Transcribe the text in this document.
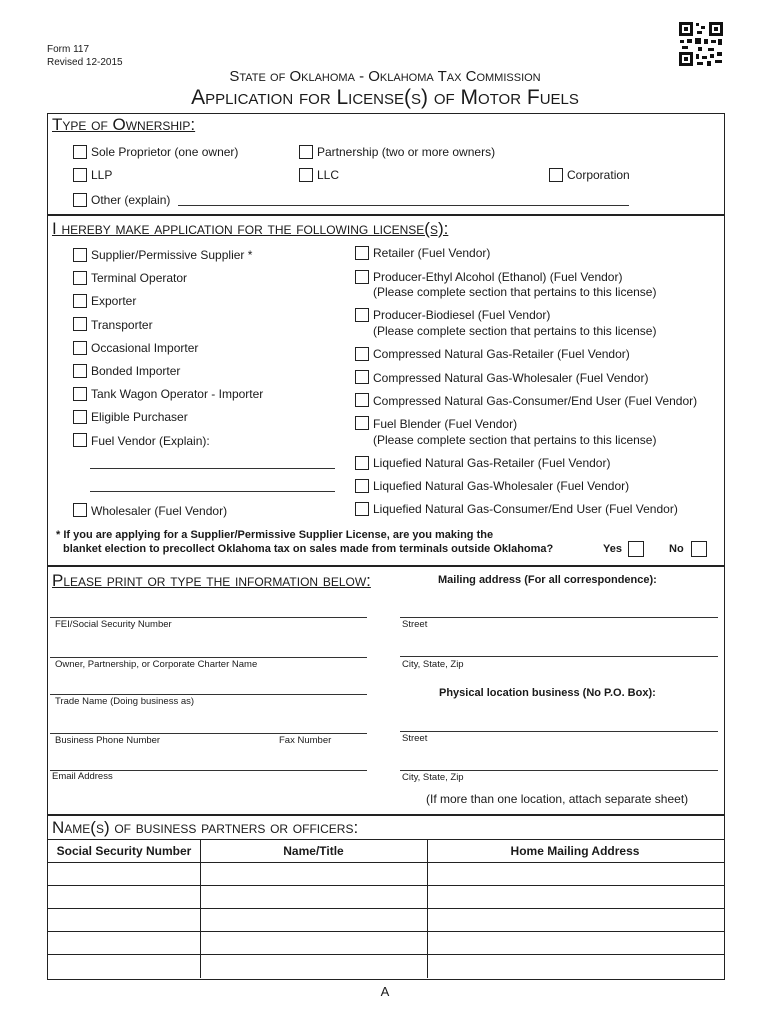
Form 117
Revised 12-2015
State of Oklahoma - Oklahoma Tax Commission
Application for License(s) of Motor Fuels
Type of Ownership:
Sole Proprietor (one owner)	Partnership (two or more owners)
LLP	LLC	Corporation
Other (explain)
I hereby make application for the following license(s):
Supplier/Permissive Supplier *
Terminal Operator
Exporter
Transporter
Occasional Importer
Bonded Importer
Tank Wagon Operator - Importer
Eligible Purchaser
Fuel Vendor (Explain):
Wholesaler (Fuel Vendor)
Retailer (Fuel Vendor)
Producer-Ethyl Alcohol (Ethanol) (Fuel Vendor)
(Please complete section that pertains to this license)
Producer-Biodiesel (Fuel Vendor)
(Please complete section that pertains to this license)
Compressed Natural Gas-Retailer (Fuel Vendor)
Compressed Natural Gas-Wholesaler (Fuel Vendor)
Compressed Natural Gas-Consumer/End User (Fuel Vendor)
Fuel Blender (Fuel Vendor)
(Please complete section that pertains to this license)
Liquefied Natural Gas-Retailer (Fuel Vendor)
Liquefied Natural Gas-Wholesaler (Fuel Vendor)
Liquefied Natural Gas-Consumer/End User (Fuel Vendor)
* If you are applying for a Supplier/Permissive Supplier License, are you making the
blanket election to precollect Oklahoma tax on sales made from terminals outside Oklahoma?	Yes	No
Please print or type the information below:	Mailing address (For all correspondence):
FEI/Social Security Number
Owner, Partnership, or Corporate Charter Name
Trade Name (Doing business as)
Business Phone Number	Fax Number
Email Address
Street
City, State, Zip
Physical location business (No P.O. Box):
Street
City, State, Zip
(If more than one location, attach separate sheet)
Name(s) of business partners or officers:
Social Security Number	Name/Title	Home Mailing Address
A
